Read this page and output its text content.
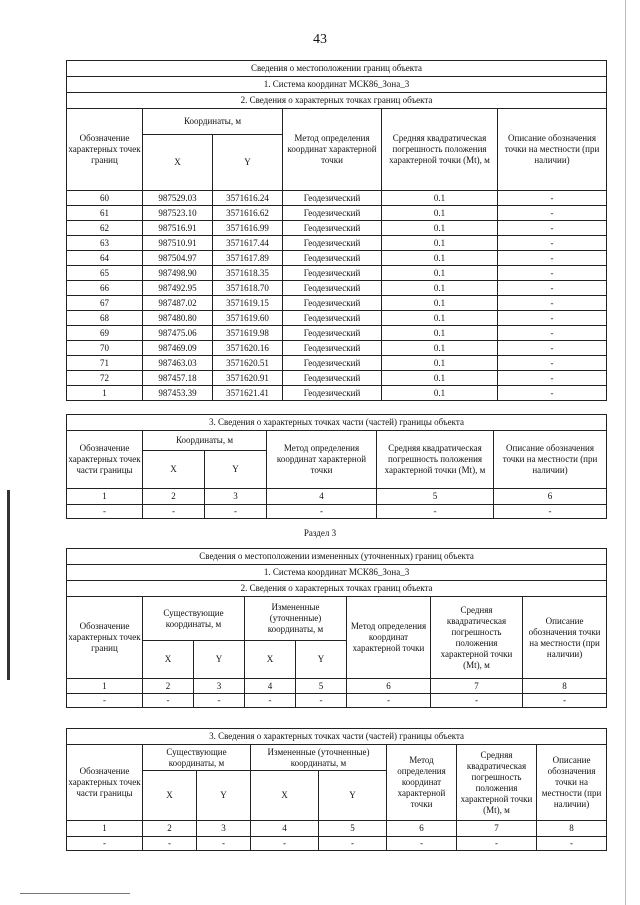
43
Сведения о местоположении границ объекта					
1. Система координат МСК86_Зона_3					
2. Сведения о характерных точках границ объекта					
Обозначение характерных точек границ	Координаты, м		Метод определения координат характерной точки	Средняя квадратическая погрешность положения характерной точки (Mt), м	Описание обозначения точки на местности (при наличии)
	X	Y			
60	987529.03	3571616.24	Геодезический	0.1	-
61	987523.10	3571616.62	Геодезический	0.1	-
62	987516.91	3571616.99	Геодезический	0.1	-
63	987510.91	3571617.44	Геодезический	0.1	-
64	987504.97	3571617.89	Геодезический	0.1	-
65	987498.90	3571618.35	Геодезический	0.1	-
66	987492.95	3571618.70	Геодезический	0.1	-
67	987487.02	3571619.15	Геодезический	0.1	-
68	987480.80	3571619.60	Геодезический	0.1	-
69	987475.06	3571619.98	Геодезический	0.1	-
70	987469.09	3571620.16	Геодезический	0.1	-
71	987463.03	3571620.51	Геодезический	0.1	-
72	987457.18	3571620.91	Геодезический	0.1	-
1	987453.39	3571621.41	Геодезический	0.1	-
3. Сведения о характерных точках части (частей) границы объекта					
Обозначение характерных точек части границы	Координаты, м		Метод определения координат характерной точки	Средняя квадратическая погрешность положения характерной точки (Mt), м	Описание обозначения точки на местности (при наличии)
	X	Y			
1	2	3	4	5	6
-	-	-	-	-	-
Раздел 3
Сведения о местоположении измененных (уточненных) границ объекта							
1. Система координат МСК86_Зона_3							
2. Сведения о характерных точках границ объекта							
Обозначение характерных точек границ	Существующие координаты, м		Измененные (уточненные) координаты, м		Метод определения координат характерной точки	Средняя квадратическая погрешность положения характерной точки (Mt), м	Описание обозначения точки на местности (при наличии)
	X	Y	X	Y			
1	2	3	4	5	6	7	8
-	-	-	-	-	-	-	-
3. Сведения о характерных точках части (частей) границы объекта							
Обозначение характерных точек части границы	Существующие координаты, м		Измененные (уточненные) координаты, м		Метод определения координат характерной точки	Средняя квадратическая погрешность положения характерной точки (Mt), м	Описание обозначения точки на местности (при наличии)
	X	Y	X	Y			
1	2	3	4	5	6	7	8
-	-	-	-	-	-	-	-
